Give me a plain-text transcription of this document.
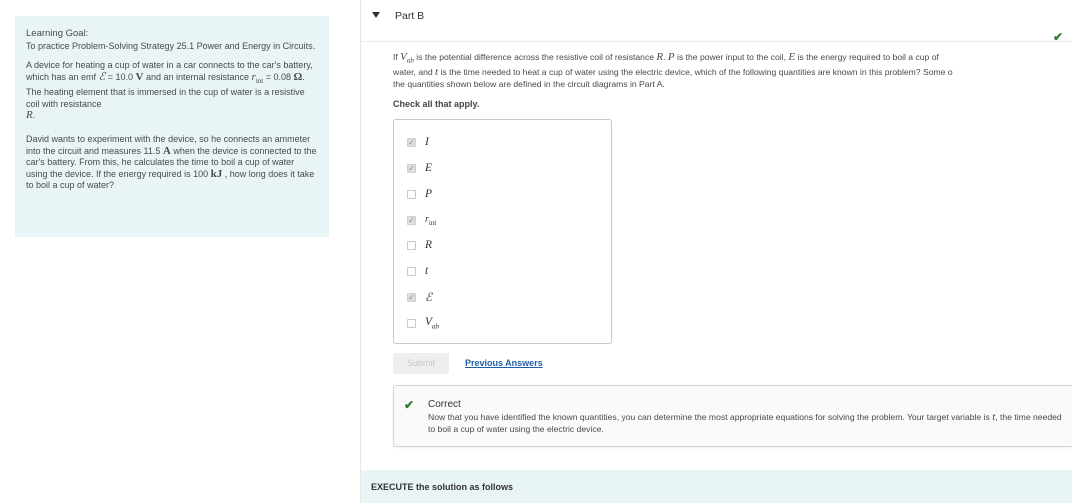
Learning Goal:

To practice Problem-Solving Strategy 25.1 Power and Energy in Circuits.

A device for heating a cup of water in a car connects to the car's battery, which has an emf ℰ = 10.0 V and an internal resistance $r_{int} = 0.08$ Ω. The heating element that is immersed in the cup of water is a resistive coil with resistance
R.

David wants to experiment with the device, so he connects an ammeter into the circuit and measures 11.5 A when the device is connected to the car's battery. From this, he calculates the time to boil a cup of water using the device. If the energy required is 100 kJ , how long does it take to boil a cup of water?

Part B
✔
If $V_{ab}$ is the potential difference across the resistive coil of resistance R. P is the power input to the coil, E is the energy required to boil a cup of
water, and t is the time needed to heat a cup of water using the electric device, which of the following quantities are known in this problem? Some o
the quantities shown below are defined in the circuit diagrams in Part A.
Check all that apply.
✓ I
✓ E
P
✓ $r_{int}$
R
t
✓ ℰ
$V_{ab}$
Submit	Previous Answers
✔ Correct
Now that you have identified the known quantities, you can determine the most appropriate equations for solving the problem. Your target variable is t, the time needed to boil a cup of water using the electric device.
EXECUTE the solution as follows
